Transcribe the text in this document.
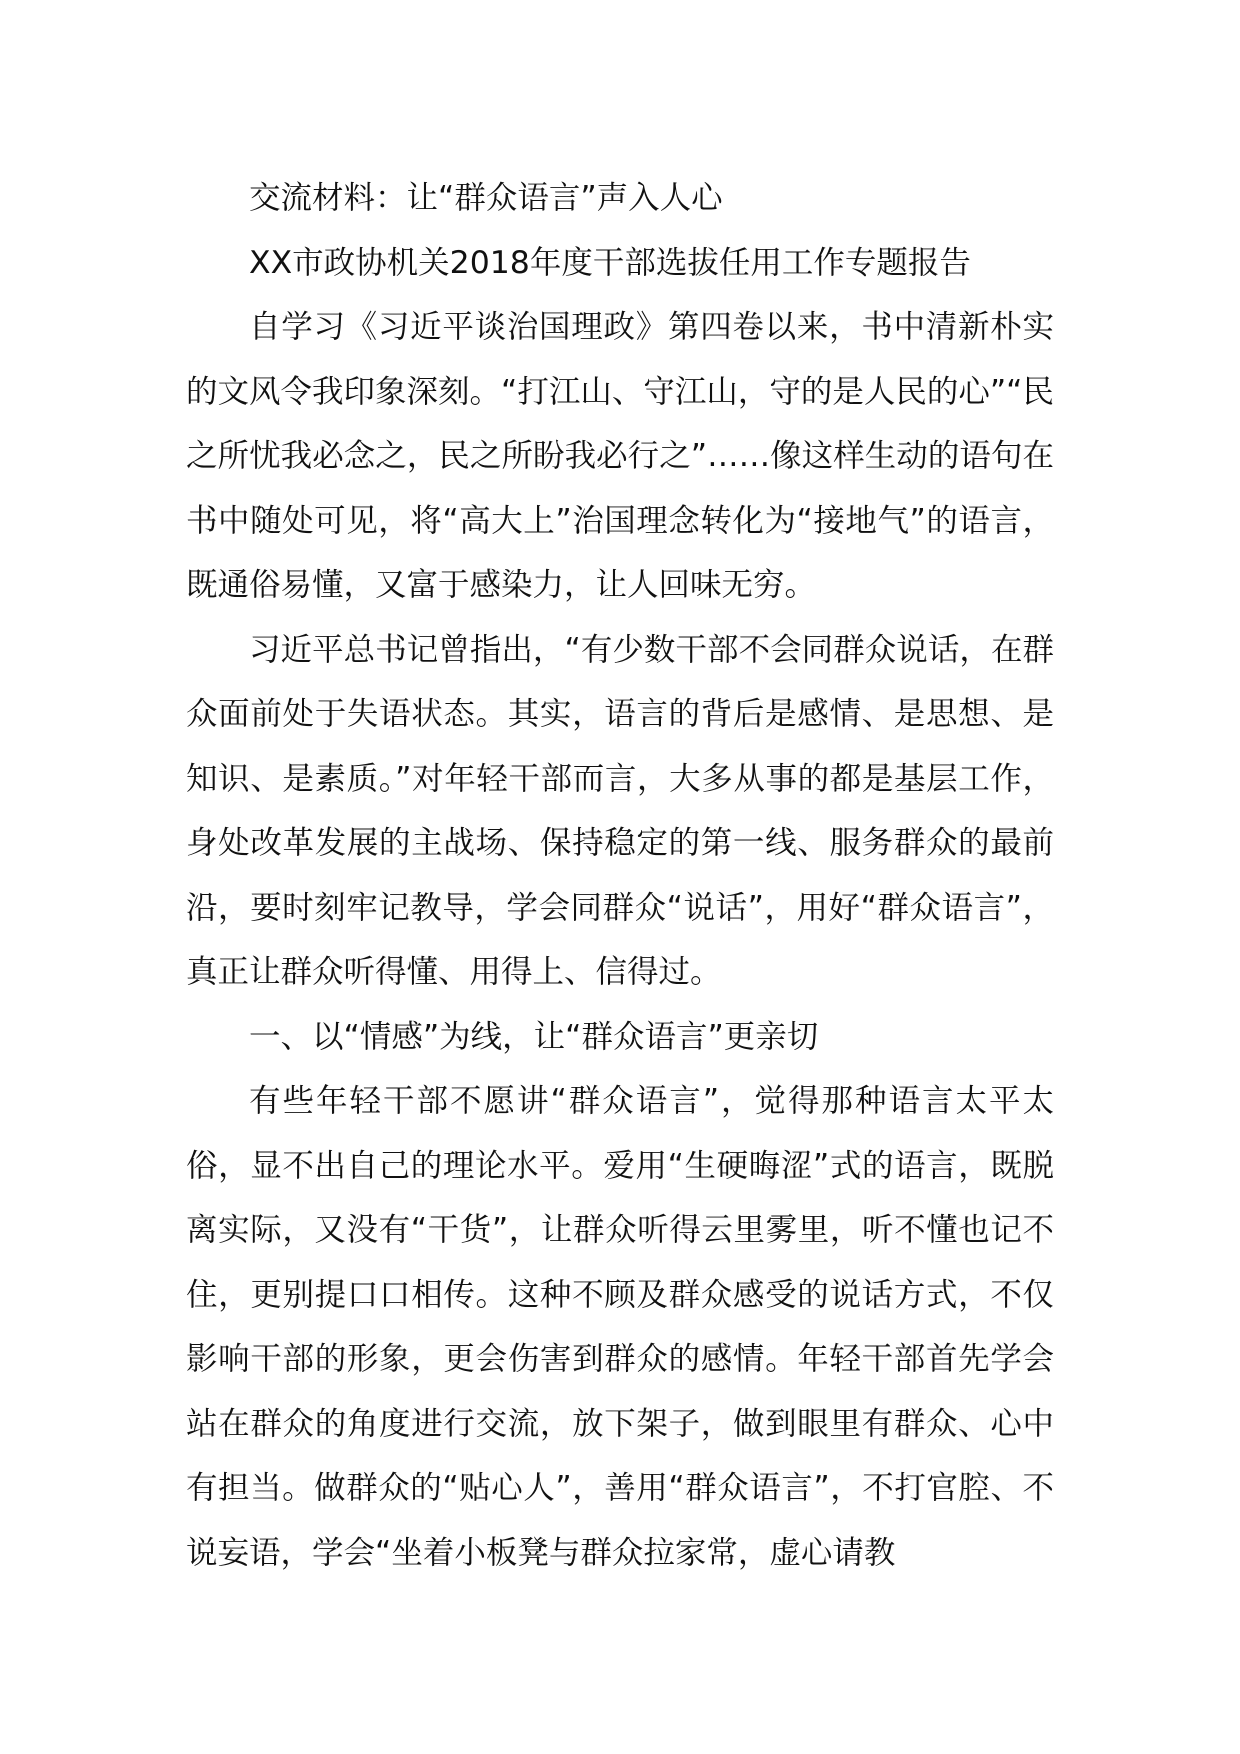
交流材料：让“群众语言”声入人心

XX市政协机关2018年度干部选拔任用工作专题报告

自学习《习近平谈治国理政》第四卷以来，书中清新朴实的文风令我印象深刻。“打江山、守江山，守的是人民的心”“民之所忧我必念之，民之所盼我必行之”……像这样生动的语句在书中随处可见，将“高大上”治国理念转化为“接地气”的语言，既通俗易懂，又富于感染力，让人回味无穷。

习近平总书记曾指出，“有少数干部不会同群众说话，在群众面前处于失语状态。其实，语言的背后是感情、是思想、是知识、是素质。”对年轻干部而言，大多从事的都是基层工作，身处改革发展的主战场、保持稳定的第一线、服务群众的最前沿，要时刻牢记教导，学会同群众“说话”，用好“群众语言”，真正让群众听得懂、用得上、信得过。

一、以“情感”为线，让“群众语言”更亲切

有些年轻干部不愿讲“群众语言”，觉得那种语言太平太俗，显不出自己的理论水平。爱用“生硬晦涩”式的语言，既脱离实际，又没有“干货”，让群众听得云里雾里，听不懂也记不住，更别提口口相传。这种不顾及群众感受的说话方式，不仅影响干部的形象，更会伤害到群众的感情。年轻干部首先学会站在群众的角度进行交流，放下架子，做到眼里有群众、心中有担当。做群众的“贴心人”，善用“群众语言”，不打官腔、不说妄语，学会“坐着小板凳与群众拉家常，虚心请教
